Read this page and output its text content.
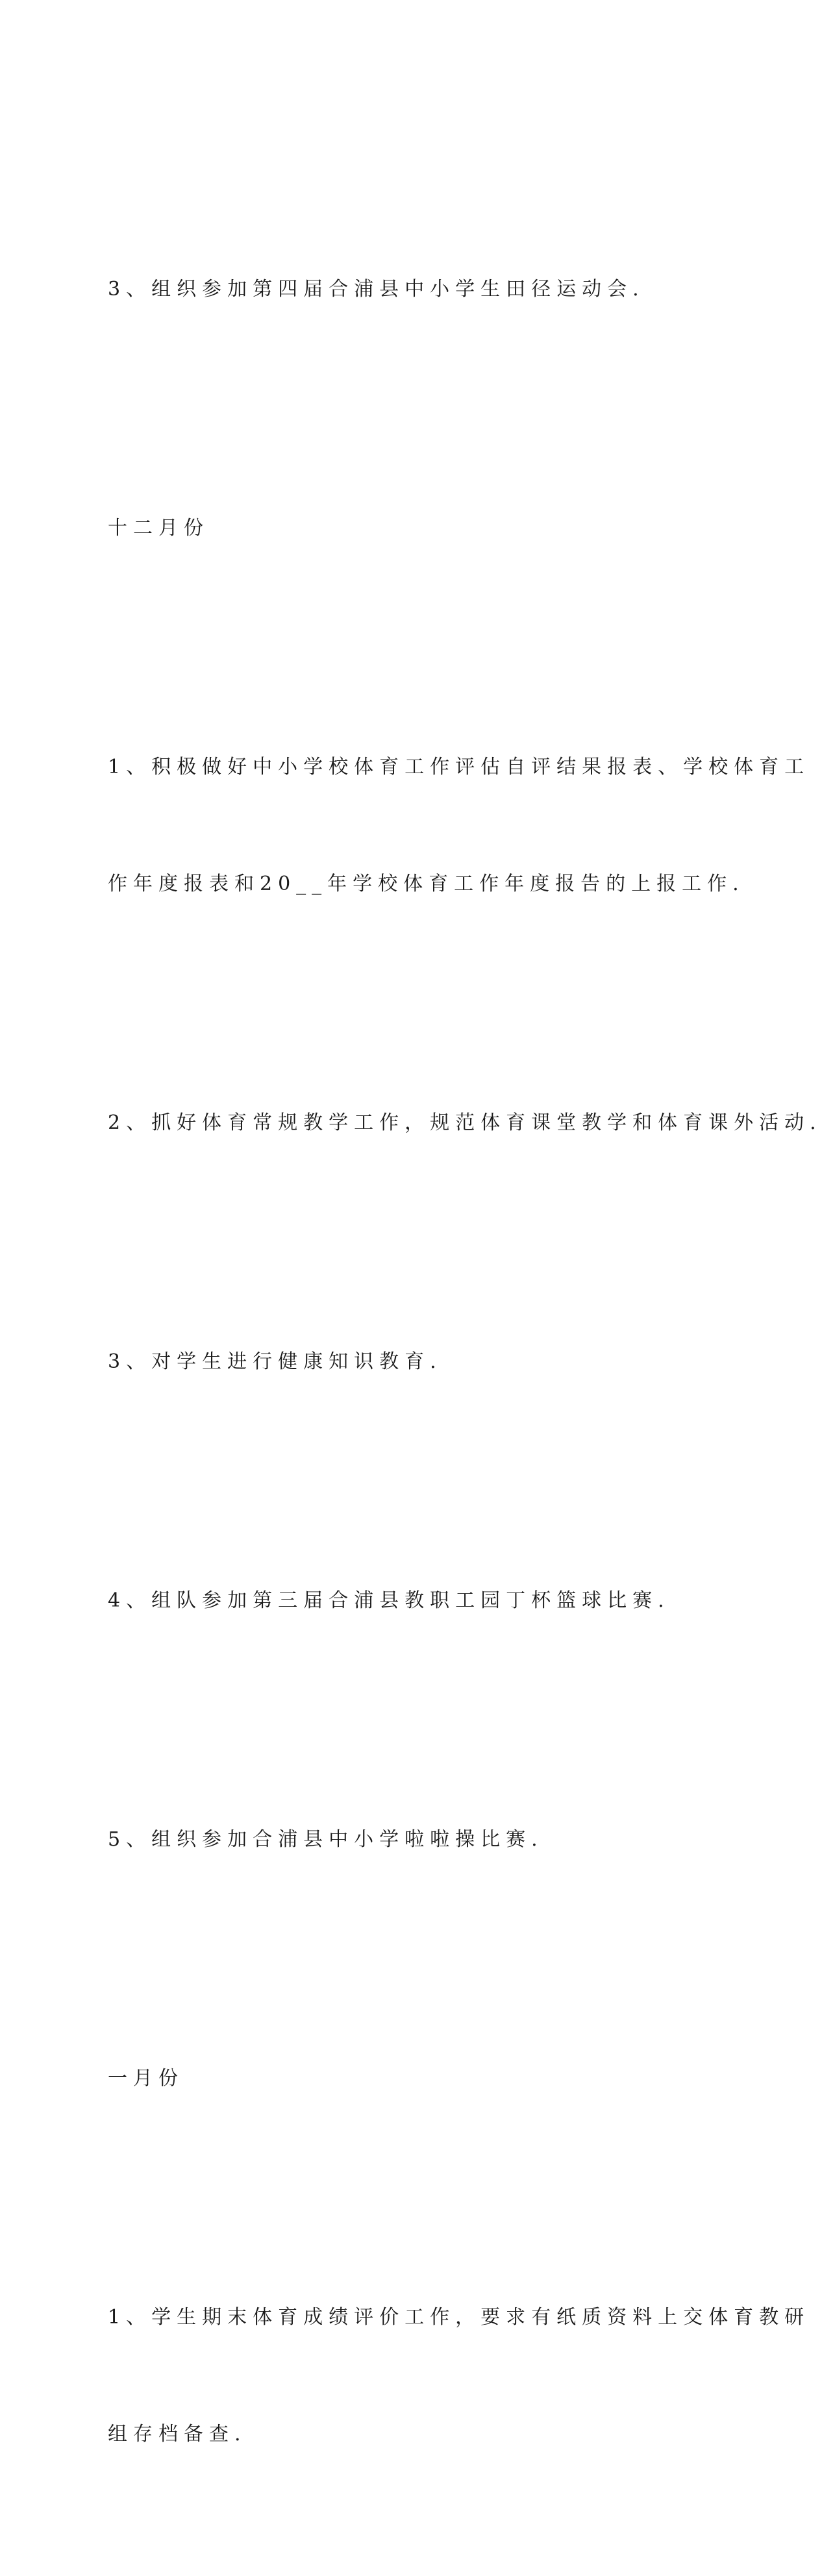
3、组织参加第四届合浦县中小学生田径运动会.

十二月份

1、积极做好中小学校体育工作评估自评结果报表、学校体育工

作年度报表和20__年学校体育工作年度报告的上报工作.

2、抓好体育常规教学工作，规范体育课堂教学和体育课外活动.

3、对学生进行健康知识教育.

4、组队参加第三届合浦县教职工园丁杯篮球比赛.

5、组织参加合浦县中小学啦啦操比赛.

一月份

1、学生期末体育成绩评价工作，要求有纸质资料上交体育教研

组存档备查.
